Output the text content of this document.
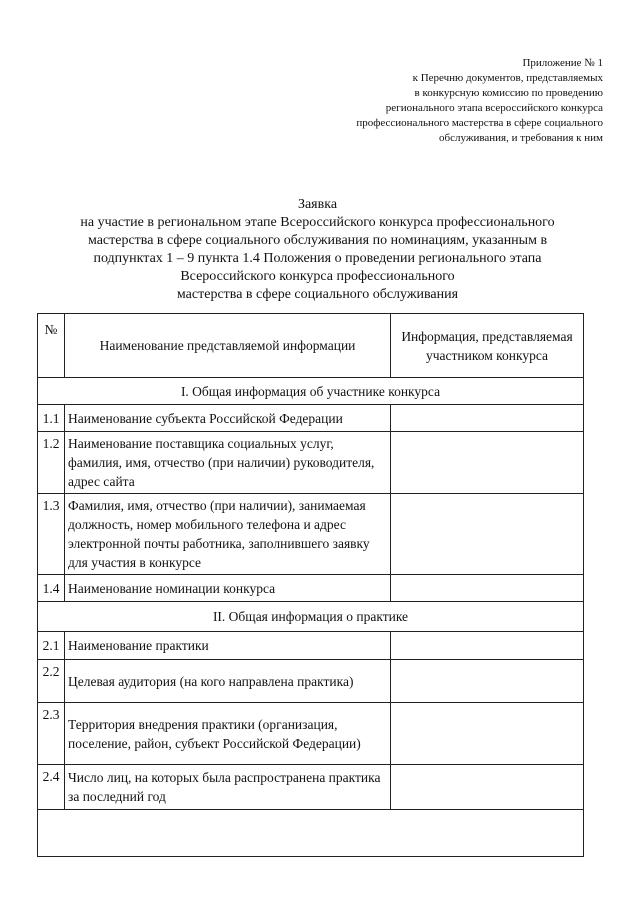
Приложение № 1
к Перечню документов, представляемых
в конкурсную комиссию по проведению
регионального этапа всероссийского конкурса
профессионального мастерства в сфере социального
обслуживания, и требования к ним
Заявка
на участие в региональном этапе Всероссийского конкурса профессионального
мастерства в сфере социального обслуживания по номинациям, указанным в
подпунктах 1 – 9 пункта 1.4 Положения о проведении регионального этапа
Всероссийского конкурса профессионального
мастерства в сфере социального обслуживания
№	Наименование представляемой информации	Информация, представляемая участником конкурса
I. Общая информация об участнике конкурса		
1.1	Наименование субъекта Российской Федерации	
1.2	Наименование поставщика социальных услуг, фамилия, имя, отчество (при наличии) руководителя, адрес сайта	
1.3	Фамилия, имя, отчество (при наличии), занимаемая должность, номер мобильного телефона и адрес электронной почты работника, заполнившего заявку для участия в конкурсе	
1.4	Наименование номинации конкурса	
II. Общая информация о практике		
2.1	Наименование практики	
2.2	Целевая аудитория (на кого направлена практика)	
2.3	Территория внедрения практики (организация, поселение, район, субъект Российской Федерации)	
2.4	Число лиц, на которых была распространена практика за последний год	
